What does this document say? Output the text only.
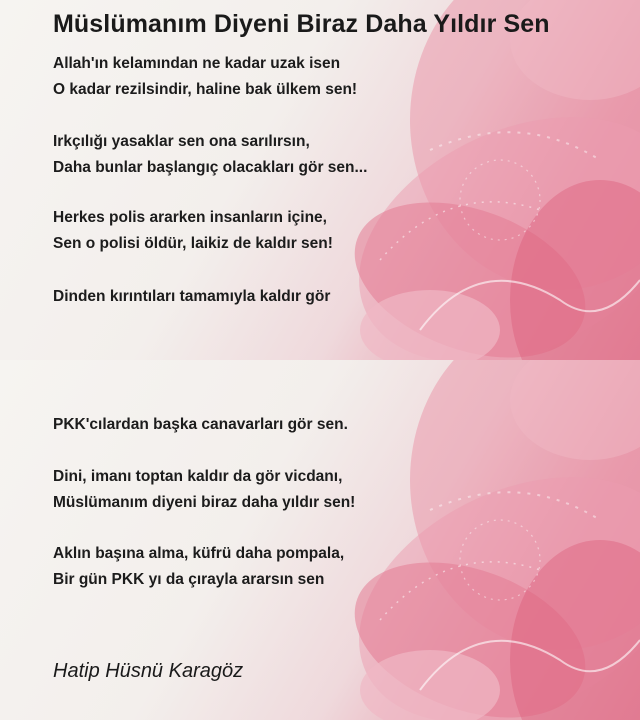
Müslümanım Diyeni Biraz Daha Yıldır Sen
Allah'ın kelamından ne kadar uzak isen
O kadar rezilsindir, haline bak ülkem sen!
Irkçılığı yasaklar sen ona sarılırsın,
Daha bunlar başlangıç olacakları gör sen...
Herkes polis ararken insanların içine,
Sen o polisi öldür, laikiz de kaldır sen!
Dinden kırıntıları tamamıyla kaldır gör
PKK'cılardan başka canavarları gör sen.
Dini, imanı toptan kaldır da gör vicdanı,
Müslümanım diyeni biraz daha yıldır sen!
Aklın başına alma, küfrü daha pompala,
Bir gün PKK yı da çırayla ararsın sen
Hatip Hüsnü Karagöz
